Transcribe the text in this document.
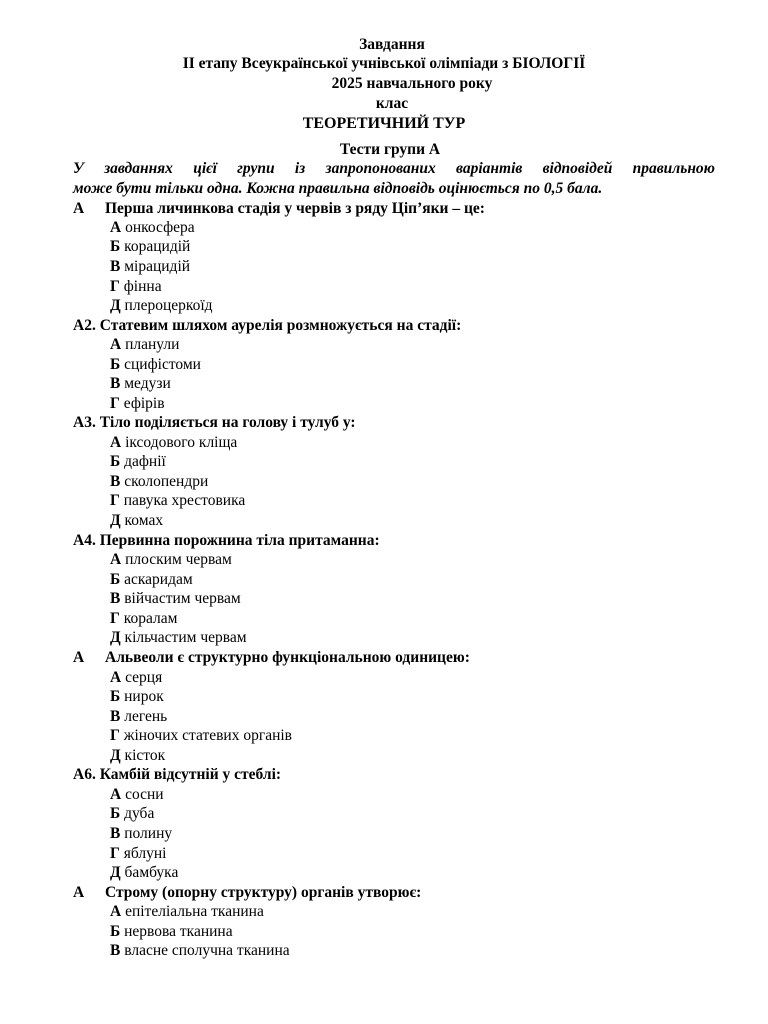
Завдання
ІІ етапу Всеукраїнської учнівської олімпіади з БІОЛОГІЇ
2025 навчального року
клас
ТЕОРЕТИЧНИЙ ТУР
Тести групи А
У завданнях цієї групи із запропонованих варіантів відповідей правильною
може бути тільки одна. Кожна правильна відповідь оцінюється по 0,5 бала.
А Перша личинкова стадія у червів з ряду Ціп’яки – це:
А онкосфера
Б корацидій
В мірацидій
Г фінна
Д плероцеркоїд
А2. Статевим шляхом аурелія розмножується на стадії:
А планули
Б сцифістоми
В медузи
Г ефірів
А3. Тіло поділяється на голову і тулуб у:
А іксодового кліща
Б дафнії
В сколопендри
Г павука хрестовика
Д комах
А4. Первинна порожнина тіла притаманна:
А плоским червам
Б аскаридам
В війчастим червам
Г коралам
Д кільчастим червам
А Альвеоли є структурно функціональною одиницею:
А серця
Б нирок
В легень
Г жіночих статевих органів
Д кісток
А6. Камбій відсутній у стеблі:
А сосни
Б дуба
В полину
Г яблуні
Д бамбука
А Строму (опорну структуру) органів утворює:
А епітеліальна тканина
Б нервова тканина
В власне сполучна тканина
